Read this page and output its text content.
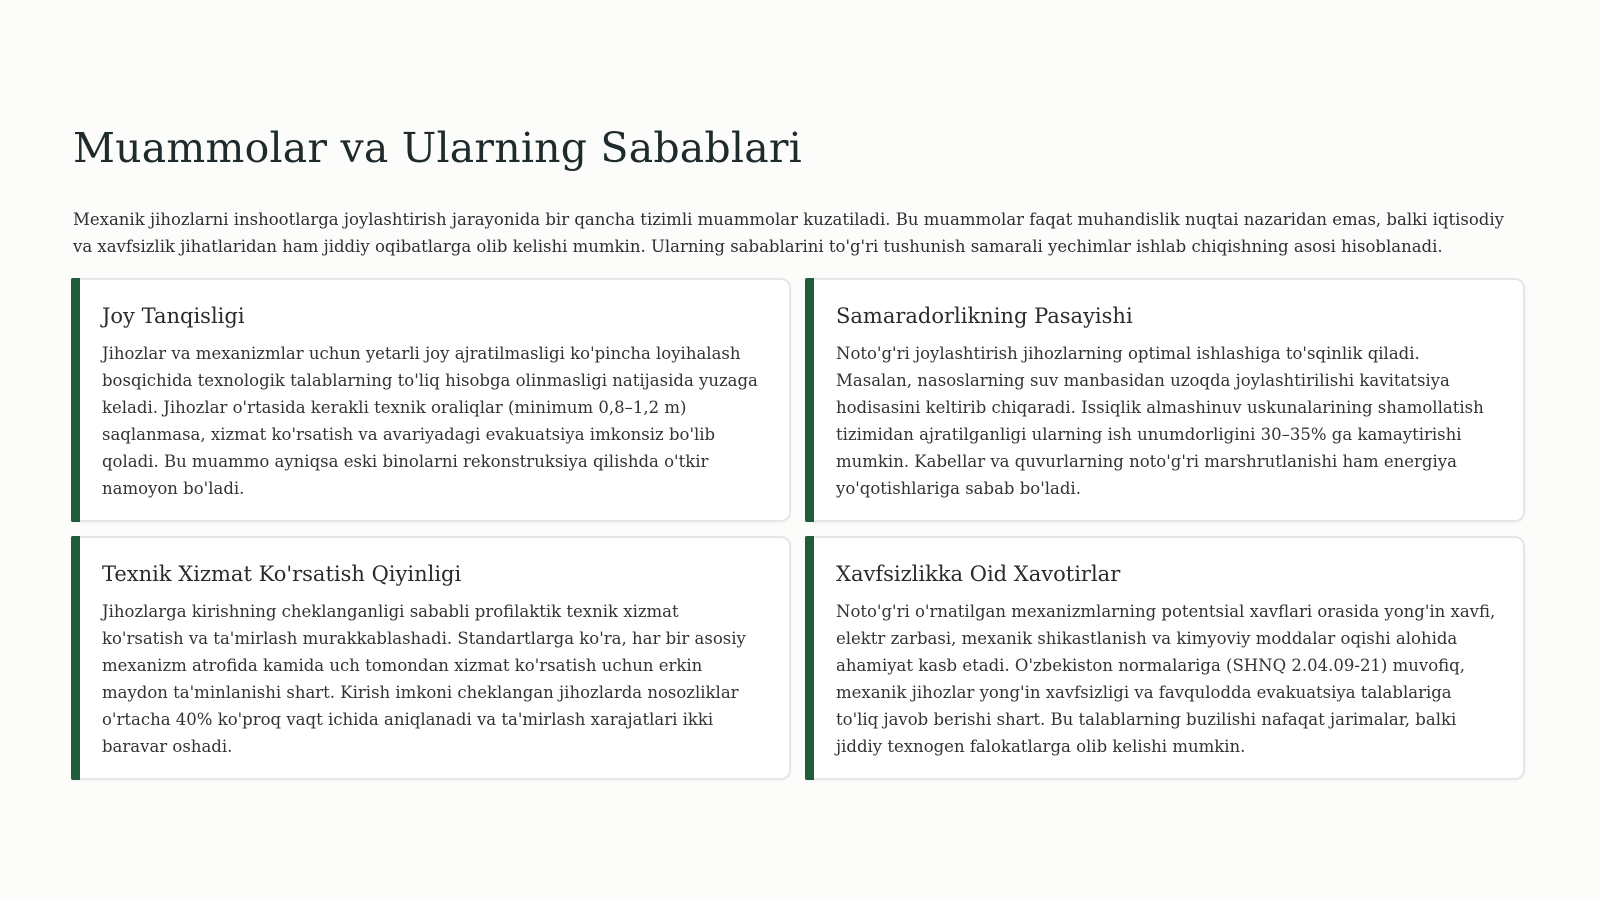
Muammolar va Ularning Sabablari

Mexanik jihozlarni inshootlarga joylashtirish jarayonida bir qancha tizimli muammolar kuzatiladi. Bu muammolar faqat muhandislik nuqtai nazaridan emas, balki iqtisodiy va xavfsizlik jihatlaridan ham jiddiy oqibatlarga olib kelishi mumkin. Ularning sabablarini to'g'ri tushunish samarali yechimlar ishlab chiqishning asosi hisoblanadi.

Joy Tanqisligi

Jihozlar va mexanizmlar uchun yetarli joy ajratilmasligi ko'pincha loyihalash bosqichida texnologik talablarning to'liq hisobga olinmasligi natijasida yuzaga keladi. Jihozlar o'rtasida kerakli texnik oraliqlar (minimum 0,8–1,2 m) saqlanmasa, xizmat ko'rsatish va avariyadagi evakuatsiya imkonsiz bo'lib qoladi. Bu muammo ayniqsa eski binolarni rekonstruksiya qilishda o'tkir namoyon bo'ladi.

Samaradorlikning Pasayishi

Noto'g'ri joylashtirish jihozlarning optimal ishlashiga to'sqinlik qiladi. Masalan, nasoslarning suv manbasidan uzoqda joylashtirilishi kavitatsiya hodisasini keltirib chiqaradi. Issiqlik almashinuv uskunalarining shamollatish tizimidan ajratilganligi ularning ish unumdorligini 30–35% ga kamaytirishi mumkin. Kabellar va quvurlarning noto'g'ri marshrutlanishi ham energiya yo'qotishlariga sabab bo'ladi.

Texnik Xizmat Ko'rsatish Qiyinligi

Jihozlarga kirishning cheklanganligi sababli profilaktik texnik xizmat ko'rsatish va ta'mirlash murakkablashadi. Standartlarga ko'ra, har bir asosiy mexanizm atrofida kamida uch tomondan xizmat ko'rsatish uchun erkin maydon ta'minlanishi shart. Kirish imkoni cheklangan jihozlarda nosozliklar o'rtacha 40% ko'proq vaqt ichida aniqlanadi va ta'mirlash xarajatlari ikki baravar oshadi.

Xavfsizlikka Oid Xavotirlar

Noto'g'ri o'rnatilgan mexanizmlarning potentsial xavflari orasida yong'in xavfi, elektr zarbasi, mexanik shikastlanish va kimyoviy moddalar oqishi alohida ahamiyat kasb etadi. O'zbekiston normalariga (SHNQ 2.04.09-21) muvofiq, mexanik jihozlar yong'in xavfsizligi va favqulodda evakuatsiya talablariga to'liq javob berishi shart. Bu talablarning buzilishi nafaqat jarimalar, balki jiddiy texnogen falokatlarga olib kelishi mumkin.
